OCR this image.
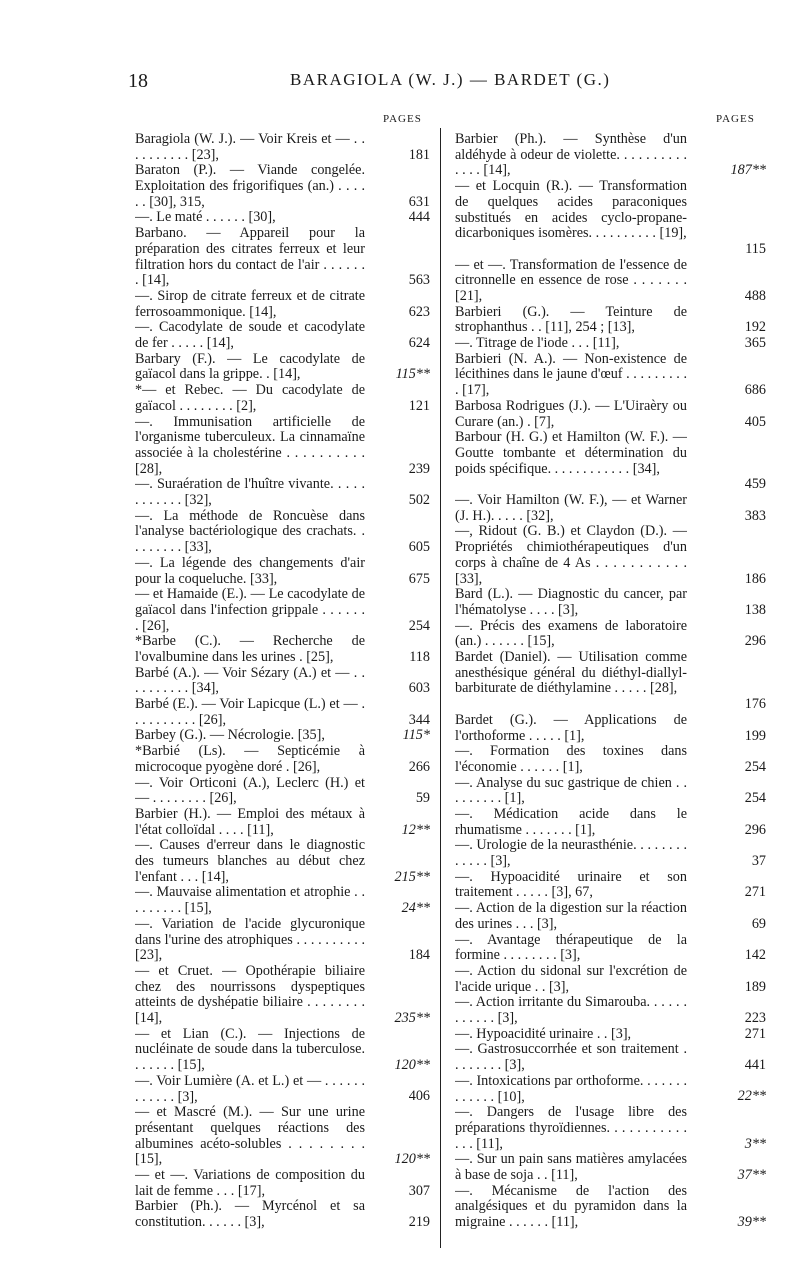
18	BARAGIOLA (W. J.) — BARDET (G.)
PAGES	PAGES

Baragiola (W. J.). — Voir Kreis et — . . . . . . . . . . [23],

Baraton (P.). — Viande congelée. Exploitation des frigorifiques (an.) . . . . . . [30], 315,

—. Le maté . . . . . . [30],

Barbano. — Appareil pour la préparation des citrates ferreux et leur filtration hors du contact de l'air . . . . . . . [14],

—. Sirop de citrate ferreux et de citrate ferrosoammonique. [14],

—. Cacodylate de soude et cacodylate de fer . . . . . [14],

Barbary (F.). — Le cacodylate de gaïacol dans la grippe. . [14],

*— et Rebec. — Du cacodylate de gaïacol . . . . . . . . [2],

—. Immunisation artificielle de l'organisme tuberculeux. La cinnamaïne associée à la cholestérine . . . . . . . . . . [28],

—. Suraération de l'huître vivante. . . . . . . . . . . . [32],

—. La méthode de Roncuèse dans l'analyse bactériologique des crachats. . . . . . . . . [33],

—. La légende des changements d'air pour la coqueluche. [33],

— et Hamaide (E.). — Le cacodylate de gaïacol dans l'infection grippale . . . . . . . [26],

*Barbe (C.). — Recherche de l'ovalbumine dans les urines . [25],

Barbé (A.). — Voir Sézary (A.) et — . . . . . . . . . . [34],

Barbé (E.). — Voir Lapicque (L.) et — . . . . . . . . . . [26],

Barbey (G.). — Nécrologie. [35],

*Barbié (Ls). — Septicémie à microcoque pyogène doré . [26],

—. Voir Orticoni (A.), Leclerc (H.) et — . . . . . . . . [26],

Barbier (H.). — Emploi des métaux à l'état colloïdal . . . . [11],

—. Causes d'erreur dans le diagnostic des tumeurs blanches au début chez l'enfant . . . [14],

—. Mauvaise alimentation et atrophie . . . . . . . . . [15],

—. Variation de l'acide glycuronique dans l'urine des atrophiques . . . . . . . . . . [23],

— et Cruet. — Opothérapie biliaire chez des nourrissons dyspeptiques atteints de dyshépatie biliaire . . . . . . . . [14],

— et Lian (C.). — Injections de nucléinate de soude dans la tuberculose. . . . . . . [15],

—. Voir Lumière (A. et L.) et — . . . . . . . . . . . . [3],

— et Mascré (M.). — Sur une urine présentant quelques réactions des albumines acéto-solubles . . . . . . . . [15],

— et —. Variations de composition du lait de femme . . . [17],

Barbier (Ph.). — Myrcénol et sa constitution. . . . . . [3],

181
631
444
563
623
624
115**
121
239
502
605
675
254
118
603
344
115*
266
59
12**
215**
24**
184
235**
120**
406
120**
307
219

Barbier (Ph.). — Synthèse d'un aldéhyde à odeur de violette. . . . . . . . . . . . . . [14],

— et Locquin (R.). — Transformation de quelques acides paraconiques substitués en acides cyclo-propane-dicarboniques isomères. . . . . . . . . . [19],

— et —. Transformation de l'essence de citronnelle en essence de rose . . . . . . . [21],

Barbieri (G.). — Teinture de strophanthus . . [11], 254 ; [13],

—. Titrage de l'iode . . . [11],

Barbieri (N. A.). — Non-existence de lécithines dans le jaune d'œuf . . . . . . . . . . [17],

Barbosa Rodrigues (J.). — L'Uiraèry ou Curare (an.) . [7],

Barbour (H. G.) et Hamilton (W. F.). — Goutte tombante et détermination du poids spécifique. . . . . . . . . . . . [34],

—. Voir Hamilton (W. F.), — et Warner (J. H.). . . . . [32],

—, Ridout (G. B.) et Claydon (D.). — Propriétés chimiothérapeutiques d'un corps à chaîne de 4 As . . . . . . . . . . . [33],

Bard (L.). — Diagnostic du cancer, par l'hématolyse . . . . [3],

—. Précis des examens de laboratoire (an.) . . . . . . [15],

Bardet (Daniel). — Utilisation comme anesthésique général du diéthyl-diallyl-barbiturate de diéthylamine . . . . . [28],

Bardet (G.). — Applications de l'orthoforme . . . . . [1],

—. Formation des toxines dans l'économie . . . . . . [1],

—. Analyse du suc gastrique de chien . . . . . . . . . [1],

—. Médication acide dans le rhumatisme . . . . . . . [1],

—. Urologie de la neurasthénie. . . . . . . . . . . . . [3],

—. Hypoacidité urinaire et son traitement . . . . . [3], 67,

—. Action de la digestion sur la réaction des urines . . . [3],

—. Avantage thérapeutique de la formine . . . . . . . . [3],

—. Action du sidonal sur l'excrétion de l'acide urique . . [3],

—. Action irritante du Simarouba. . . . . . . . . . . . [3],

—. Hypoacidité urinaire . . [3],

—. Gastrosuccorrhée et son traitement . . . . . . . . [3],

—. Intoxications par orthoforme. . . . . . . . . . . . . [10],

—. Dangers de l'usage libre des préparations thyroïdiennes. . . . . . . . . . . . . . [11],

—. Sur un pain sans matières amylacées à base de soja . . [11],

—. Mécanisme de l'action des analgésiques et du pyramidon dans la migraine . . . . . . [11],

187**
115
488
192
365
686
405
459
383
186
138
296
176
199
254
254
296
37
271
69
142
189
223
271
441
22**
3**
37**
39**
